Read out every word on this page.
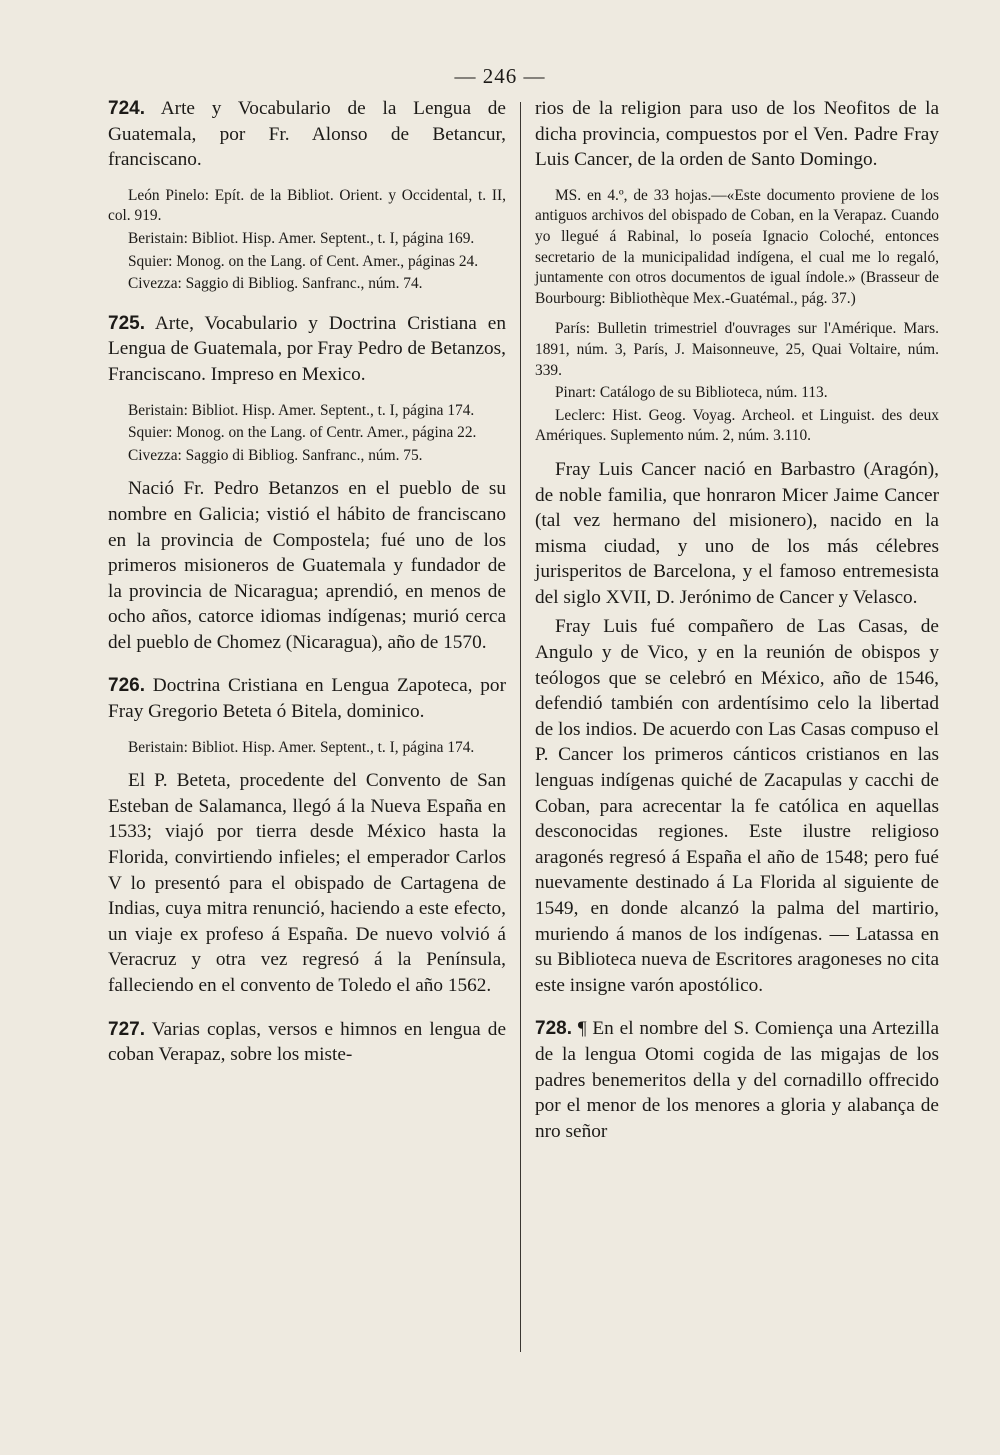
— 246 —

724. Arte y Vocabulario de la Lengua de Guatemala, por Fr. Alonso de Betancur, franciscano.

León Pinelo: Epít. de la Bibliot. Orient. y Occidental, t. II, col. 919.

Beristain: Bibliot. Hisp. Amer. Septent., t. I, página 169.

Squier: Monog. on the Lang. of Cent. Amer., páginas 24.

Civezza: Saggio di Bibliog. Sanfranc., núm. 74.

725. Arte, Vocabulario y Doctrina Cristiana en Lengua de Guatemala, por Fray Pedro de Betanzos, Franciscano. Impreso en Mexico.

Beristain: Bibliot. Hisp. Amer. Septent., t. I, página 174.

Squier: Monog. on the Lang. of Centr. Amer., página 22.

Civezza: Saggio di Bibliog. Sanfranc., núm. 75.

Nació Fr. Pedro Betanzos en el pueblo de su nombre en Galicia; vistió el hábito de franciscano en la provincia de Compostela; fué uno de los primeros misioneros de Guatemala y fundador de la provincia de Nicaragua; aprendió, en menos de ocho años, catorce idiomas indígenas; murió cerca del pueblo de Chomez (Nicaragua), año de 1570.

726. Doctrina Cristiana en Lengua Zapoteca, por Fray Gregorio Beteta ó Bitela, dominico.

Beristain: Bibliot. Hisp. Amer. Septent., t. I, página 174.

El P. Beteta, procedente del Convento de San Esteban de Salamanca, llegó á la Nueva España en 1533; viajó por tierra desde México hasta la Florida, convirtiendo infieles; el emperador Carlos V lo presentó para el obispado de Cartagena de Indias, cuya mitra renunció, haciendo a este efecto, un viaje ex profeso á España. De nuevo volvió á Veracruz y otra vez regresó á la Península, falleciendo en el convento de Toledo el año 1562.

727. Varias coplas, versos e himnos en lengua de coban Verapaz, sobre los miste-

rios de la religion para uso de los Neofitos de la dicha provincia, compuestos por el Ven. Padre Fray Luis Cancer, de la orden de Santo Domingo.

MS. en 4.º, de 33 hojas.—«Este documento proviene de los antiguos archivos del obispado de Coban, en la Verapaz. Cuando yo llegué á Rabinal, lo poseía Ignacio Coloché, entonces secretario de la municipalidad indígena, el cual me lo regaló, juntamente con otros documentos de igual índole.» (Brasseur de Bourbourg: Bibliothèque Mex.-Guatémal., pág. 37.)

París: Bulletin trimestriel d'ouvrages sur l'Amérique. Mars. 1891, núm. 3, París, J. Maisonneuve, 25, Quai Voltaire, núm. 339.

Pinart: Catálogo de su Biblioteca, núm. 113.

Leclerc: Hist. Geog. Voyag. Archeol. et Linguist. des deux Amériques. Suplemento núm. 2, núm. 3.110.

Fray Luis Cancer nació en Barbastro (Aragón), de noble familia, que honraron Micer Jaime Cancer (tal vez hermano del misionero), nacido en la misma ciudad, y uno de los más célebres jurisperitos de Barcelona, y el famoso entremesista del siglo XVII, D. Jerónimo de Cancer y Velasco.

Fray Luis fué compañero de Las Casas, de Angulo y de Vico, y en la reunión de obispos y teólogos que se celebró en México, año de 1546, defendió también con ardentísimo celo la libertad de los indios. De acuerdo con Las Casas compuso el P. Cancer los primeros cánticos cristianos en las lenguas indígenas quiché de Zacapulas y cacchi de Coban, para acrecentar la fe católica en aquellas desconocidas regiones. Este ilustre religioso aragonés regresó á España el año de 1548; pero fué nuevamente destinado á La Florida al siguiente de 1549, en donde alcanzó la palma del martirio, muriendo á manos de los indígenas. — Latassa en su Biblioteca nueva de Escritores aragoneses no cita este insigne varón apostólico.

728. ¶ En el nombre del S. Comiença una Artezilla de la lengua Otomi cogida de las migajas de los padres benemeritos della y del cornadillo offrecido por el menor de los menores a gloria y alabança de nro señor
